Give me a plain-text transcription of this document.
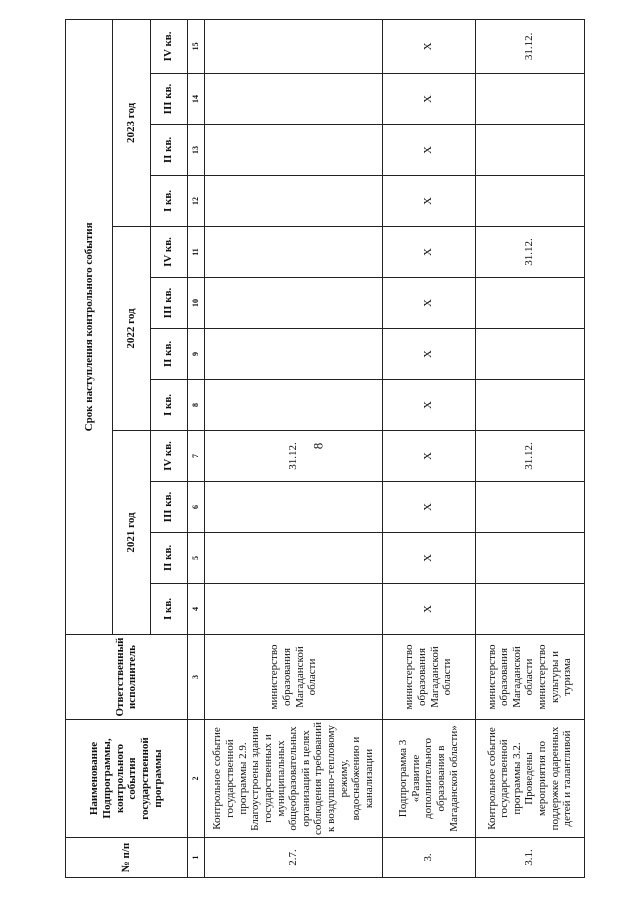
8
№ п/п	Наименование Подпрограммы, контрольного события государственной программы	Ответственный исполнитель	Срок наступления контрольного события											
			2021 год				2022 год				2023 год			
			I кв.	II кв.	III кв.	IV кв.	I кв.	II кв.	III кв.	IV кв.	I кв.	II кв.	III кв.	IV кв.
1	2	3	4	5	6	7	8	9	10	11	12	13	14	15
2.7.	Контрольное событие государственной программы 2.9. Благоустроены здания государственных и муниципальных общеобразовательных организаций в целях соблюдения требований к воздушно-тепловому режиму, водоснабжению и канализации	министерство образования Магаданской области				31.12.								
3.	Подпрограмма 3 «Развитие дополнительного образования в Магаданской области»	министерство образования Магаданской области	X	X	X	X	X	X	X	X	X	X	X	X
3.1.	Контрольное событие государственной программы 3.2. Проведены мероприятия по поддержке одаренных детей и талантливой	министерство образования Магаданской области министерство культуры и туризма				31.12.				31.12.				31.12.
